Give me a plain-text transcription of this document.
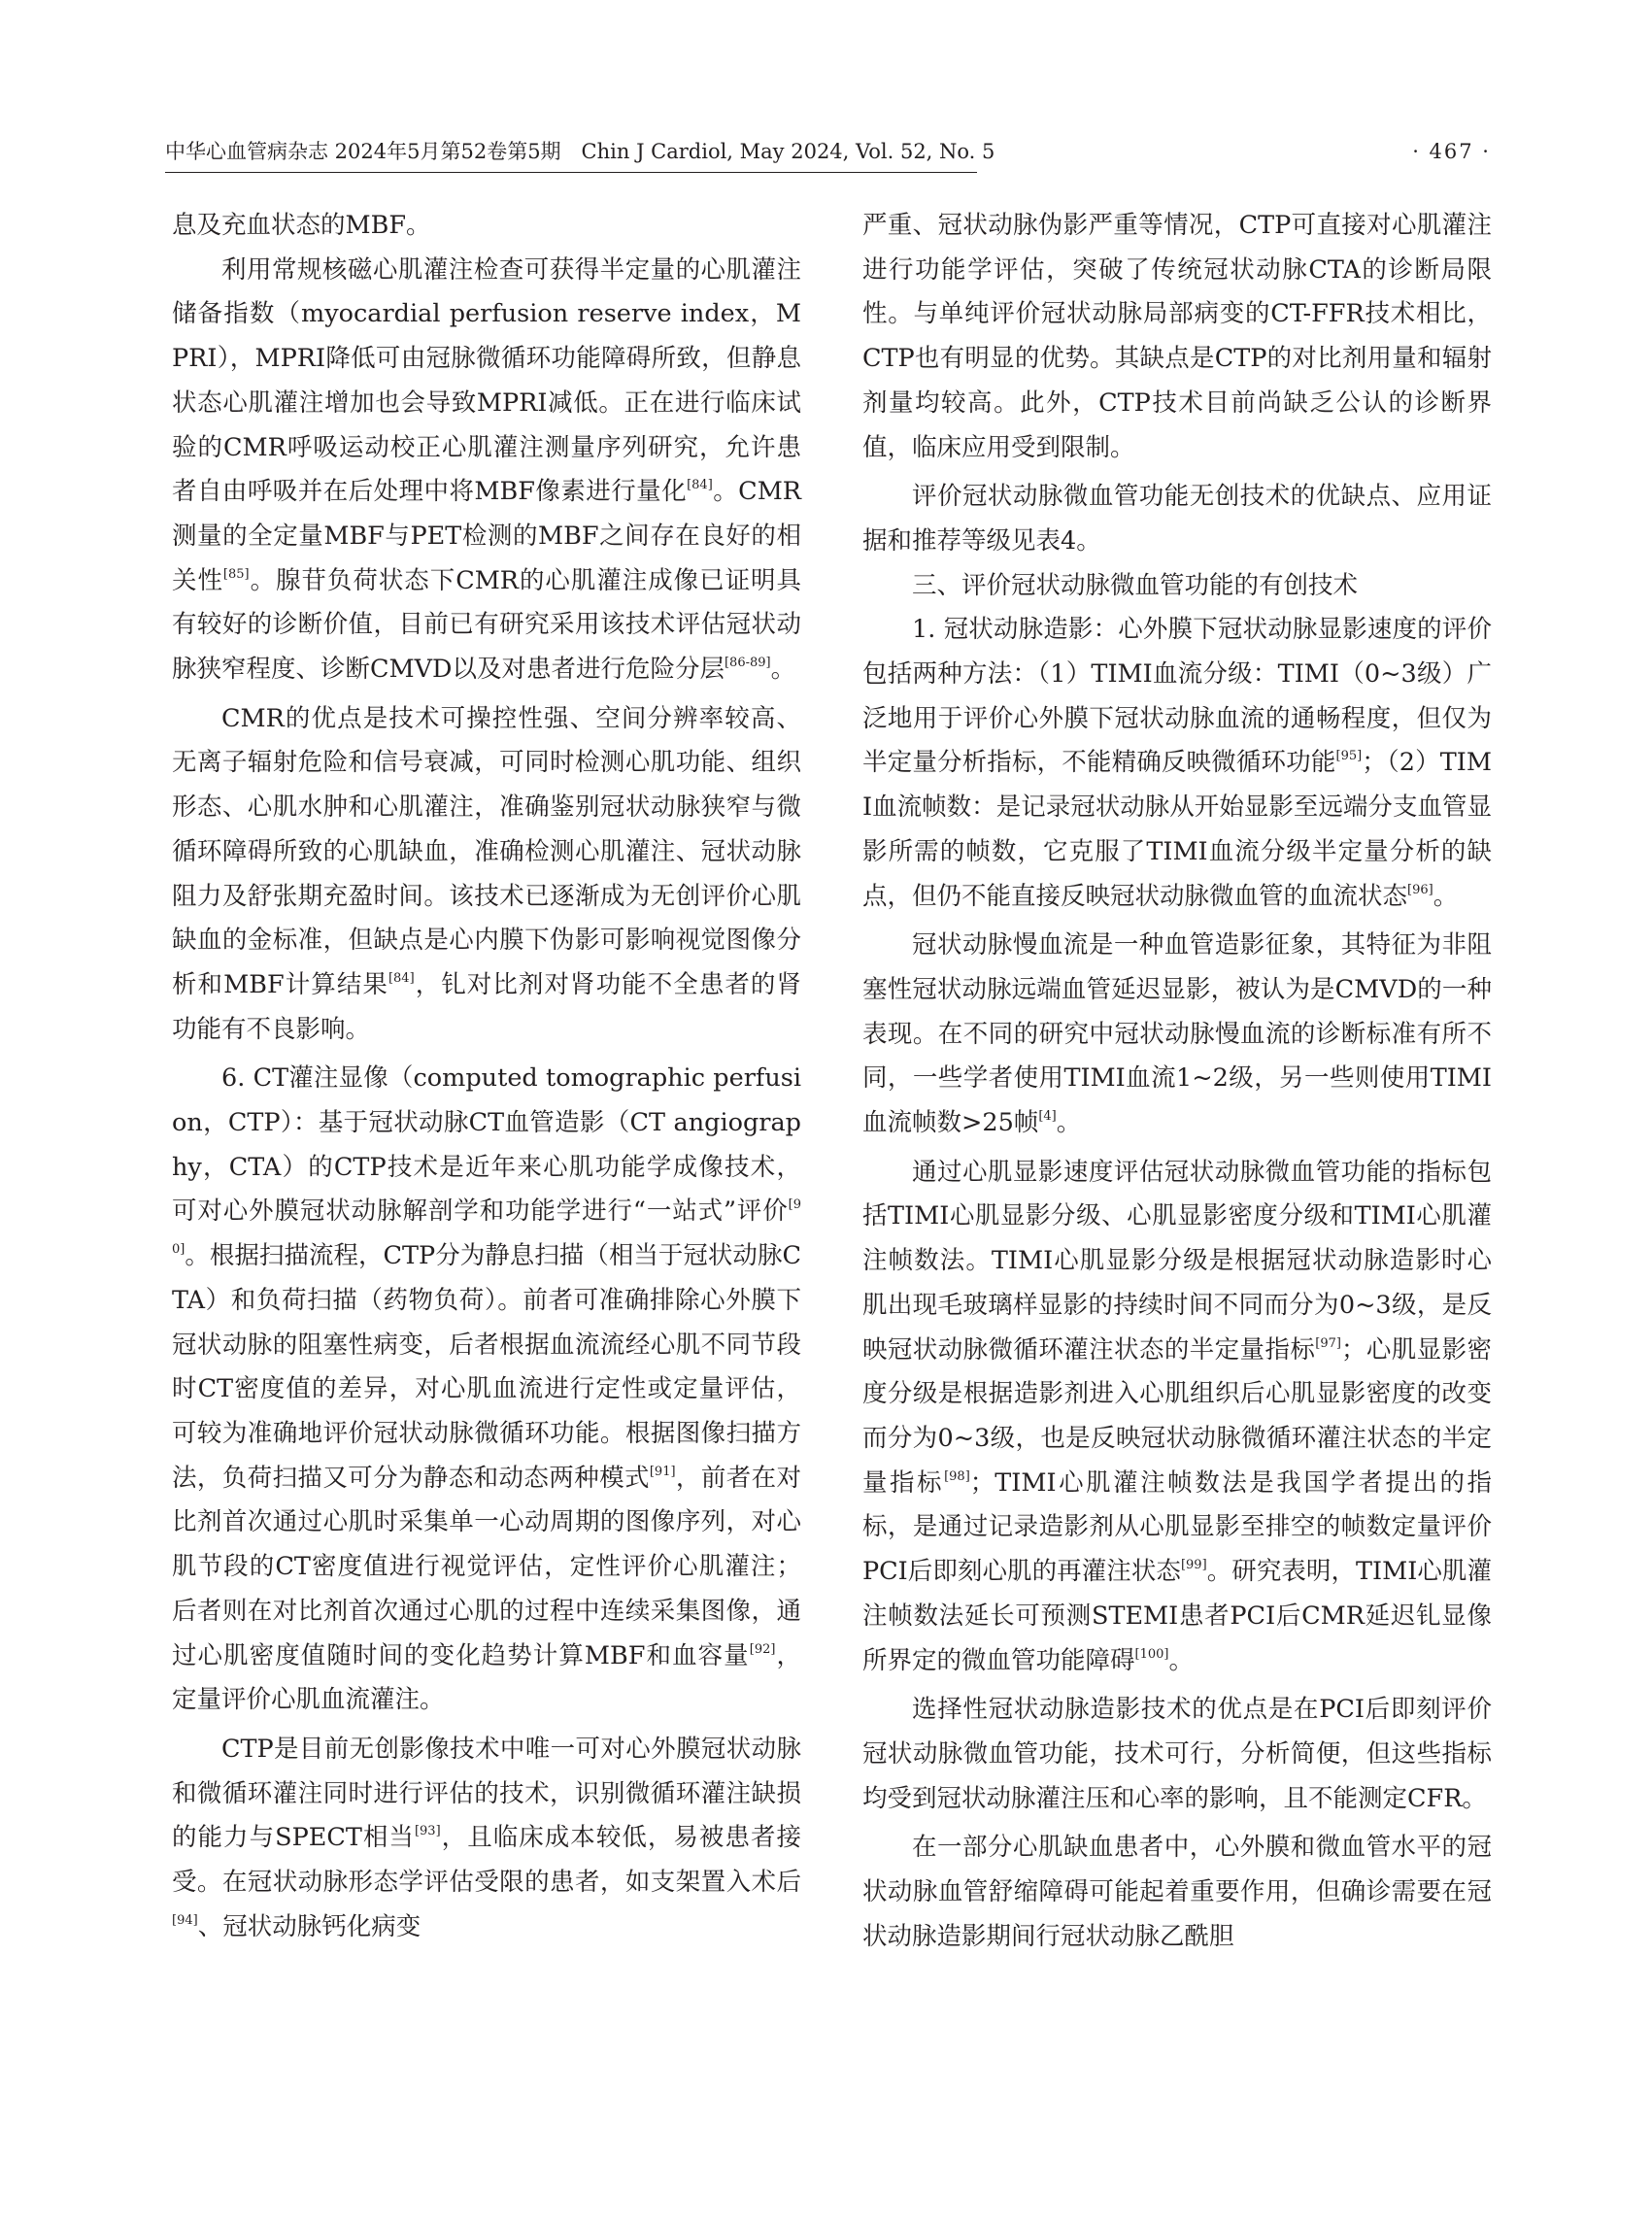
中华心血管病杂志 2024年5月第52卷第5期　Chin J Cardiol, May 2024, Vol. 52, No. 5	· 467 ·

息及充血状态的MBF。

利用常规核磁心肌灌注检查可获得半定量的心肌灌注储备指数（myocardial perfusion reserve index，MPRI），MPRI降低可由冠脉微循环功能障碍所致，但静息状态心肌灌注增加也会导致MPRI减低。正在进行临床试验的CMR呼吸运动校正心肌灌注测量序列研究，允许患者自由呼吸并在后处理中将MBF像素进行量化[84]。CMR测量的全定量MBF与PET检测的MBF之间存在良好的相关性[85]。腺苷负荷状态下CMR的心肌灌注成像已证明具有较好的诊断价值，目前已有研究采用该技术评估冠状动脉狭窄程度、诊断CMVD以及对患者进行危险分层[86-89]。

CMR的优点是技术可操控性强、空间分辨率较高、无离子辐射危险和信号衰减，可同时检测心肌功能、组织形态、心肌水肿和心肌灌注，准确鉴别冠状动脉狭窄与微循环障碍所致的心肌缺血，准确检测心肌灌注、冠状动脉阻力及舒张期充盈时间。该技术已逐渐成为无创评价心肌缺血的金标准，但缺点是心内膜下伪影可影响视觉图像分析和MBF计算结果[84]，钆对比剂对肾功能不全患者的肾功能有不良影响。

6. CT灌注显像（computed tomographic perfusion，CTP）：基于冠状动脉CT血管造影（CT angiography，CTA）的CTP技术是近年来心肌功能学成像技术，可对心外膜冠状动脉解剖学和功能学进行“一站式”评价[90]。根据扫描流程，CTP分为静息扫描（相当于冠状动脉CTA）和负荷扫描（药物负荷）。前者可准确排除心外膜下冠状动脉的阻塞性病变，后者根据血流流经心肌不同节段时CT密度值的差异，对心肌血流进行定性或定量评估，可较为准确地评价冠状动脉微循环功能。根据图像扫描方法，负荷扫描又可分为静态和动态两种模式[91]，前者在对比剂首次通过心肌时采集单一心动周期的图像序列，对心肌节段的CT密度值进行视觉评估，定性评价心肌灌注；后者则在对比剂首次通过心肌的过程中连续采集图像，通过心肌密度值随时间的变化趋势计算MBF和血容量[92]，定量评价心肌血流灌注。

CTP是目前无创影像技术中唯一可对心外膜冠状动脉和微循环灌注同时进行评估的技术，识别微循环灌注缺损的能力与SPECT相当[93]，且临床成本较低，易被患者接受。在冠状动脉形态学评估受限的患者，如支架置入术后[94]、冠状动脉钙化病变

严重、冠状动脉伪影严重等情况，CTP可直接对心肌灌注进行功能学评估，突破了传统冠状动脉CTA的诊断局限性。与单纯评价冠状动脉局部病变的CT-FFR技术相比，CTP也有明显的优势。其缺点是CTP的对比剂用量和辐射剂量均较高。此外，CTP技术目前尚缺乏公认的诊断界值，临床应用受到限制。

评价冠状动脉微血管功能无创技术的优缺点、应用证据和推荐等级见表4。

三、评价冠状动脉微血管功能的有创技术

1. 冠状动脉造影：心外膜下冠状动脉显影速度的评价包括两种方法：（1）TIMI血流分级：TIMI（0~3级）广泛地用于评价心外膜下冠状动脉血流的通畅程度，但仅为半定量分析指标，不能精确反映微循环功能[95]；（2）TIMI血流帧数：是记录冠状动脉从开始显影至远端分支血管显影所需的帧数，它克服了TIMI血流分级半定量分析的缺点，但仍不能直接反映冠状动脉微血管的血流状态[96]。

冠状动脉慢血流是一种血管造影征象，其特征为非阻塞性冠状动脉远端血管延迟显影，被认为是CMVD的一种表现。在不同的研究中冠状动脉慢血流的诊断标准有所不同，一些学者使用TIMI血流1~2级，另一些则使用TIMI血流帧数>25帧[4]。

通过心肌显影速度评估冠状动脉微血管功能的指标包括TIMI心肌显影分级、心肌显影密度分级和TIMI心肌灌注帧数法。TIMI心肌显影分级是根据冠状动脉造影时心肌出现毛玻璃样显影的持续时间不同而分为0~3级，是反映冠状动脉微循环灌注状态的半定量指标[97]；心肌显影密度分级是根据造影剂进入心肌组织后心肌显影密度的改变而分为0~3级，也是反映冠状动脉微循环灌注状态的半定量指标[98]；TIMI心肌灌注帧数法是我国学者提出的指标，是通过记录造影剂从心肌显影至排空的帧数定量评价PCI后即刻心肌的再灌注状态[99]。研究表明，TIMI心肌灌注帧数法延长可预测STEMI患者PCI后CMR延迟钆显像所界定的微血管功能障碍[100]。

选择性冠状动脉造影技术的优点是在PCI后即刻评价冠状动脉微血管功能，技术可行，分析简便，但这些指标均受到冠状动脉灌注压和心率的影响，且不能测定CFR。

在一部分心肌缺血患者中，心外膜和微血管水平的冠状动脉血管舒缩障碍可能起着重要作用，但确诊需要在冠状动脉造影期间行冠状动脉乙酰胆
